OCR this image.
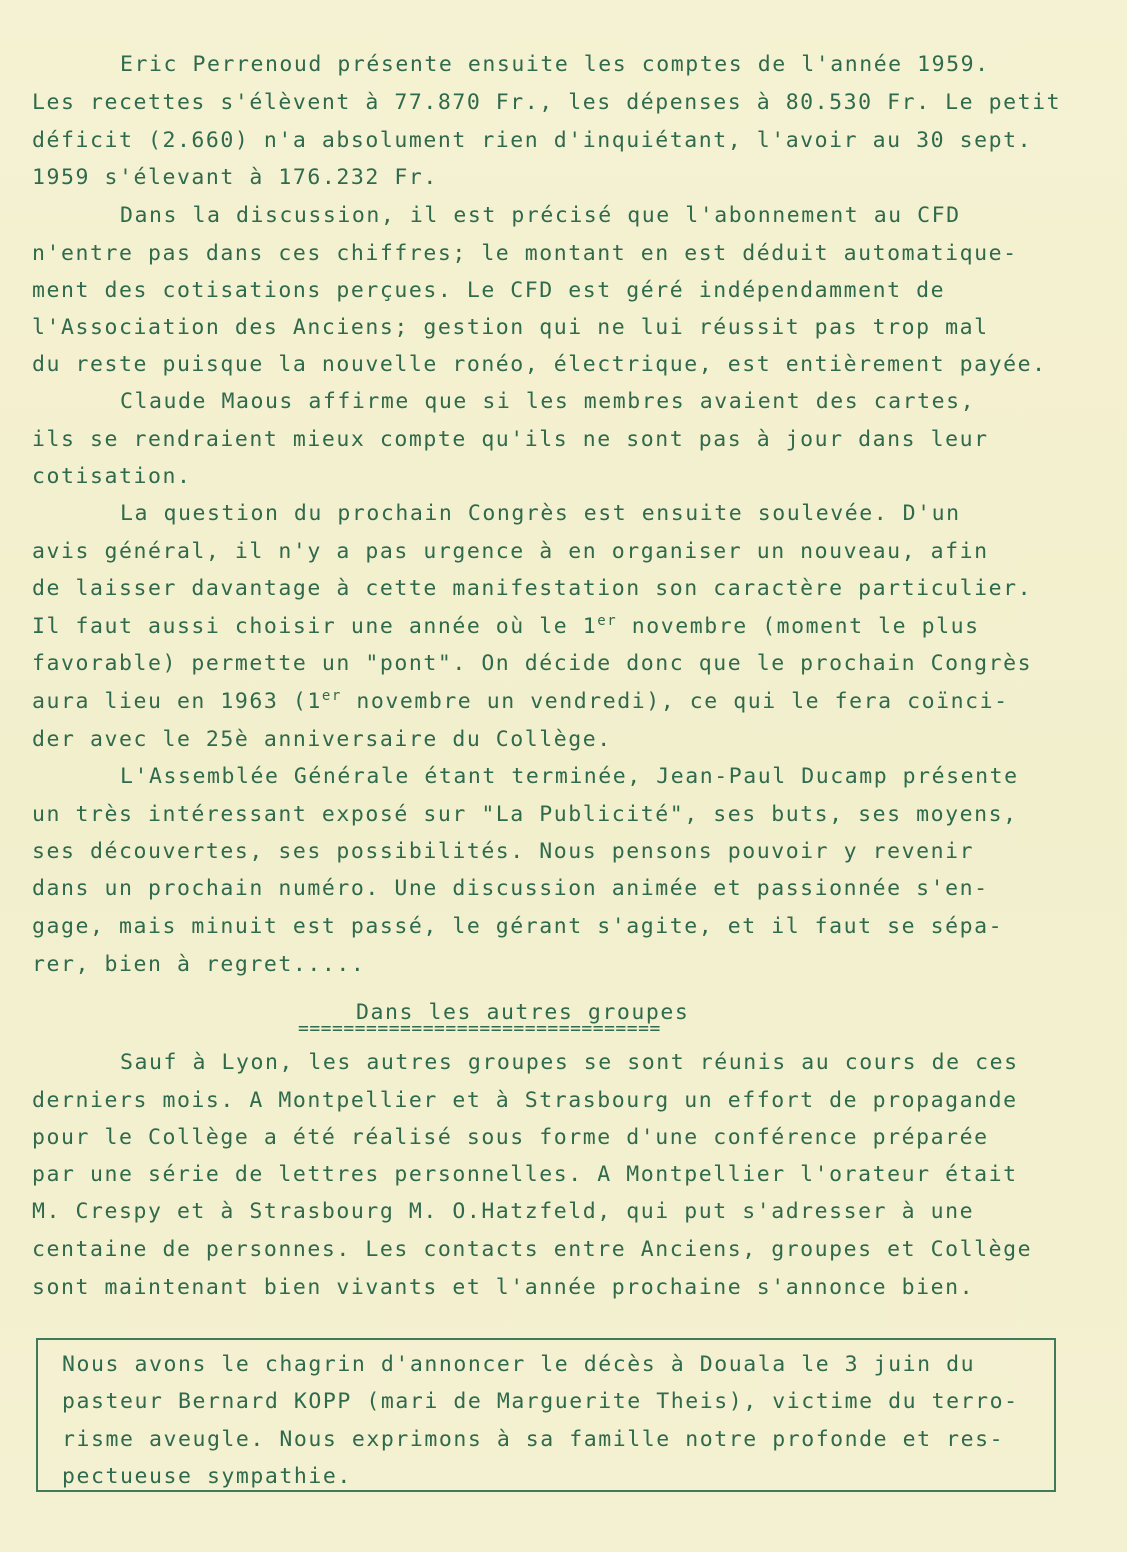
Eric Perrenoud présente ensuite les comptes de l'année 1959.
Les recettes s'élèvent à 77.870 Fr., les dépenses à 80.530 Fr. Le petit
déficit (2.660) n'a absolument rien d'inquiétant, l'avoir au 30 sept.
1959 s'élevant à 176.232 Fr.
Dans la discussion, il est précisé que l'abonnement au CFD
n'entre pas dans ces chiffres; le montant en est déduit automatique-
ment des cotisations perçues. Le CFD est géré indépendamment de
l'Association des Anciens; gestion qui ne lui réussit pas trop mal
du reste puisque la nouvelle ronéo, électrique, est entièrement payée.
Claude Maous affirme que si les membres avaient des cartes,
ils se rendraient mieux compte qu'ils ne sont pas à jour dans leur
cotisation.
La question du prochain Congrès est ensuite soulevée. D'un
avis général, il n'y a pas urgence à en organiser un nouveau, afin
de laisser davantage à cette manifestation son caractère particulier.
Il faut aussi choisir une année où le 1er novembre (moment le plus
favorable) permette un "pont". On décide donc que le prochain Congrès
aura lieu en 1963 (1er novembre un vendredi), ce qui le fera coïnci-
der avec le 25è anniversaire du Collège.
L'Assemblée Générale étant terminée, Jean-Paul Ducamp présente
un très intéressant exposé sur "La Publicité", ses buts, ses moyens,
ses découvertes, ses possibilités. Nous pensons pouvoir y revenir
dans un prochain numéro. Une discussion animée et passionnée s'en-
gage, mais minuit est passé, le gérant s'agite, et il faut se sépa-
rer, bien à regret.....
Dans les autres groupes
================================
Sauf à Lyon, les autres groupes se sont réunis au cours de ces
derniers mois. A Montpellier et à Strasbourg un effort de propagande
pour le Collège a été réalisé sous forme d'une conférence préparée
par une série de lettres personnelles. A Montpellier l'orateur était
M. Crespy et à Strasbourg M. O.Hatzfeld, qui put s'adresser à une
centaine de personnes. Les contacts entre Anciens, groupes et Collège
sont maintenant bien vivants et l'année prochaine s'annonce bien.
Nous avons le chagrin d'annoncer le décès à Douala le 3 juin du
pasteur Bernard KOPP (mari de Marguerite Theis), victime du terro-
risme aveugle. Nous exprimons à sa famille notre profonde et res-
pectueuse sympathie.
